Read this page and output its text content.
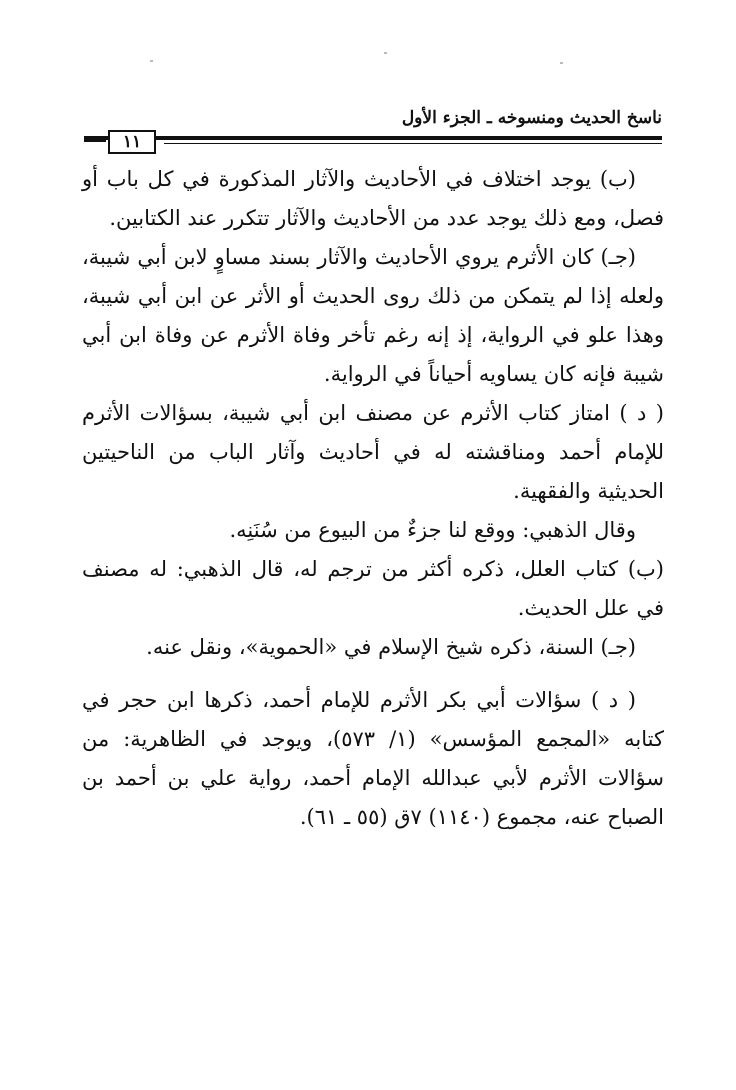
ناسخ الحديث ومنسوخه ـ الجزء الأول
١١

(ب) يوجد اختلاف في الأحاديث والآثار المذكورة في كل باب أو فصل، ومع ذلك يوجد عدد من الأحاديث والآثار تتكرر عند الكتابين.

(جـ) كان الأثرم يروي الأحاديث والآثار بسند مساوٍ لابن أبي شيبة، ولعله إذا لم يتمكن من ذلك روى الحديث أو الأثر عن ابن أبي شيبة، وهذا علو في الرواية، إذ إنه رغم تأخر وفاة الأثرم عن وفاة ابن أبي شيبة فإنه كان يساويه أحياناً في الرواية.

( د ) امتاز كتاب الأثرم عن مصنف ابن أبي شيبة، بسؤالات الأثرم للإمام أحمد ومناقشته له في أحاديث وآثار الباب من الناحيتين الحديثية والفقهية.

وقال الذهبي: ووقع لنا جزءٌ من البيوع من سُنَنِه.

(ب) كتاب العلل، ذكره أكثر من ترجم له، قال الذهبي: له مصنف في علل الحديث.

(جـ) السنة، ذكره شيخ الإسلام في «الحموية»، ونقل عنه.

( د ) سؤالات أبي بكر الأثرم للإمام أحمد، ذكرها ابن حجر في كتابه «المجمع المؤسس» (١/ ٥٧٣)، ويوجد في الظاهرية: من سؤالات الأثرم لأبي عبدالله الإمام أحمد، رواية علي بن أحمد بن الصباح عنه، مجموع (١١٤٠) ٧ق (٥٥ ـ ٦١).
